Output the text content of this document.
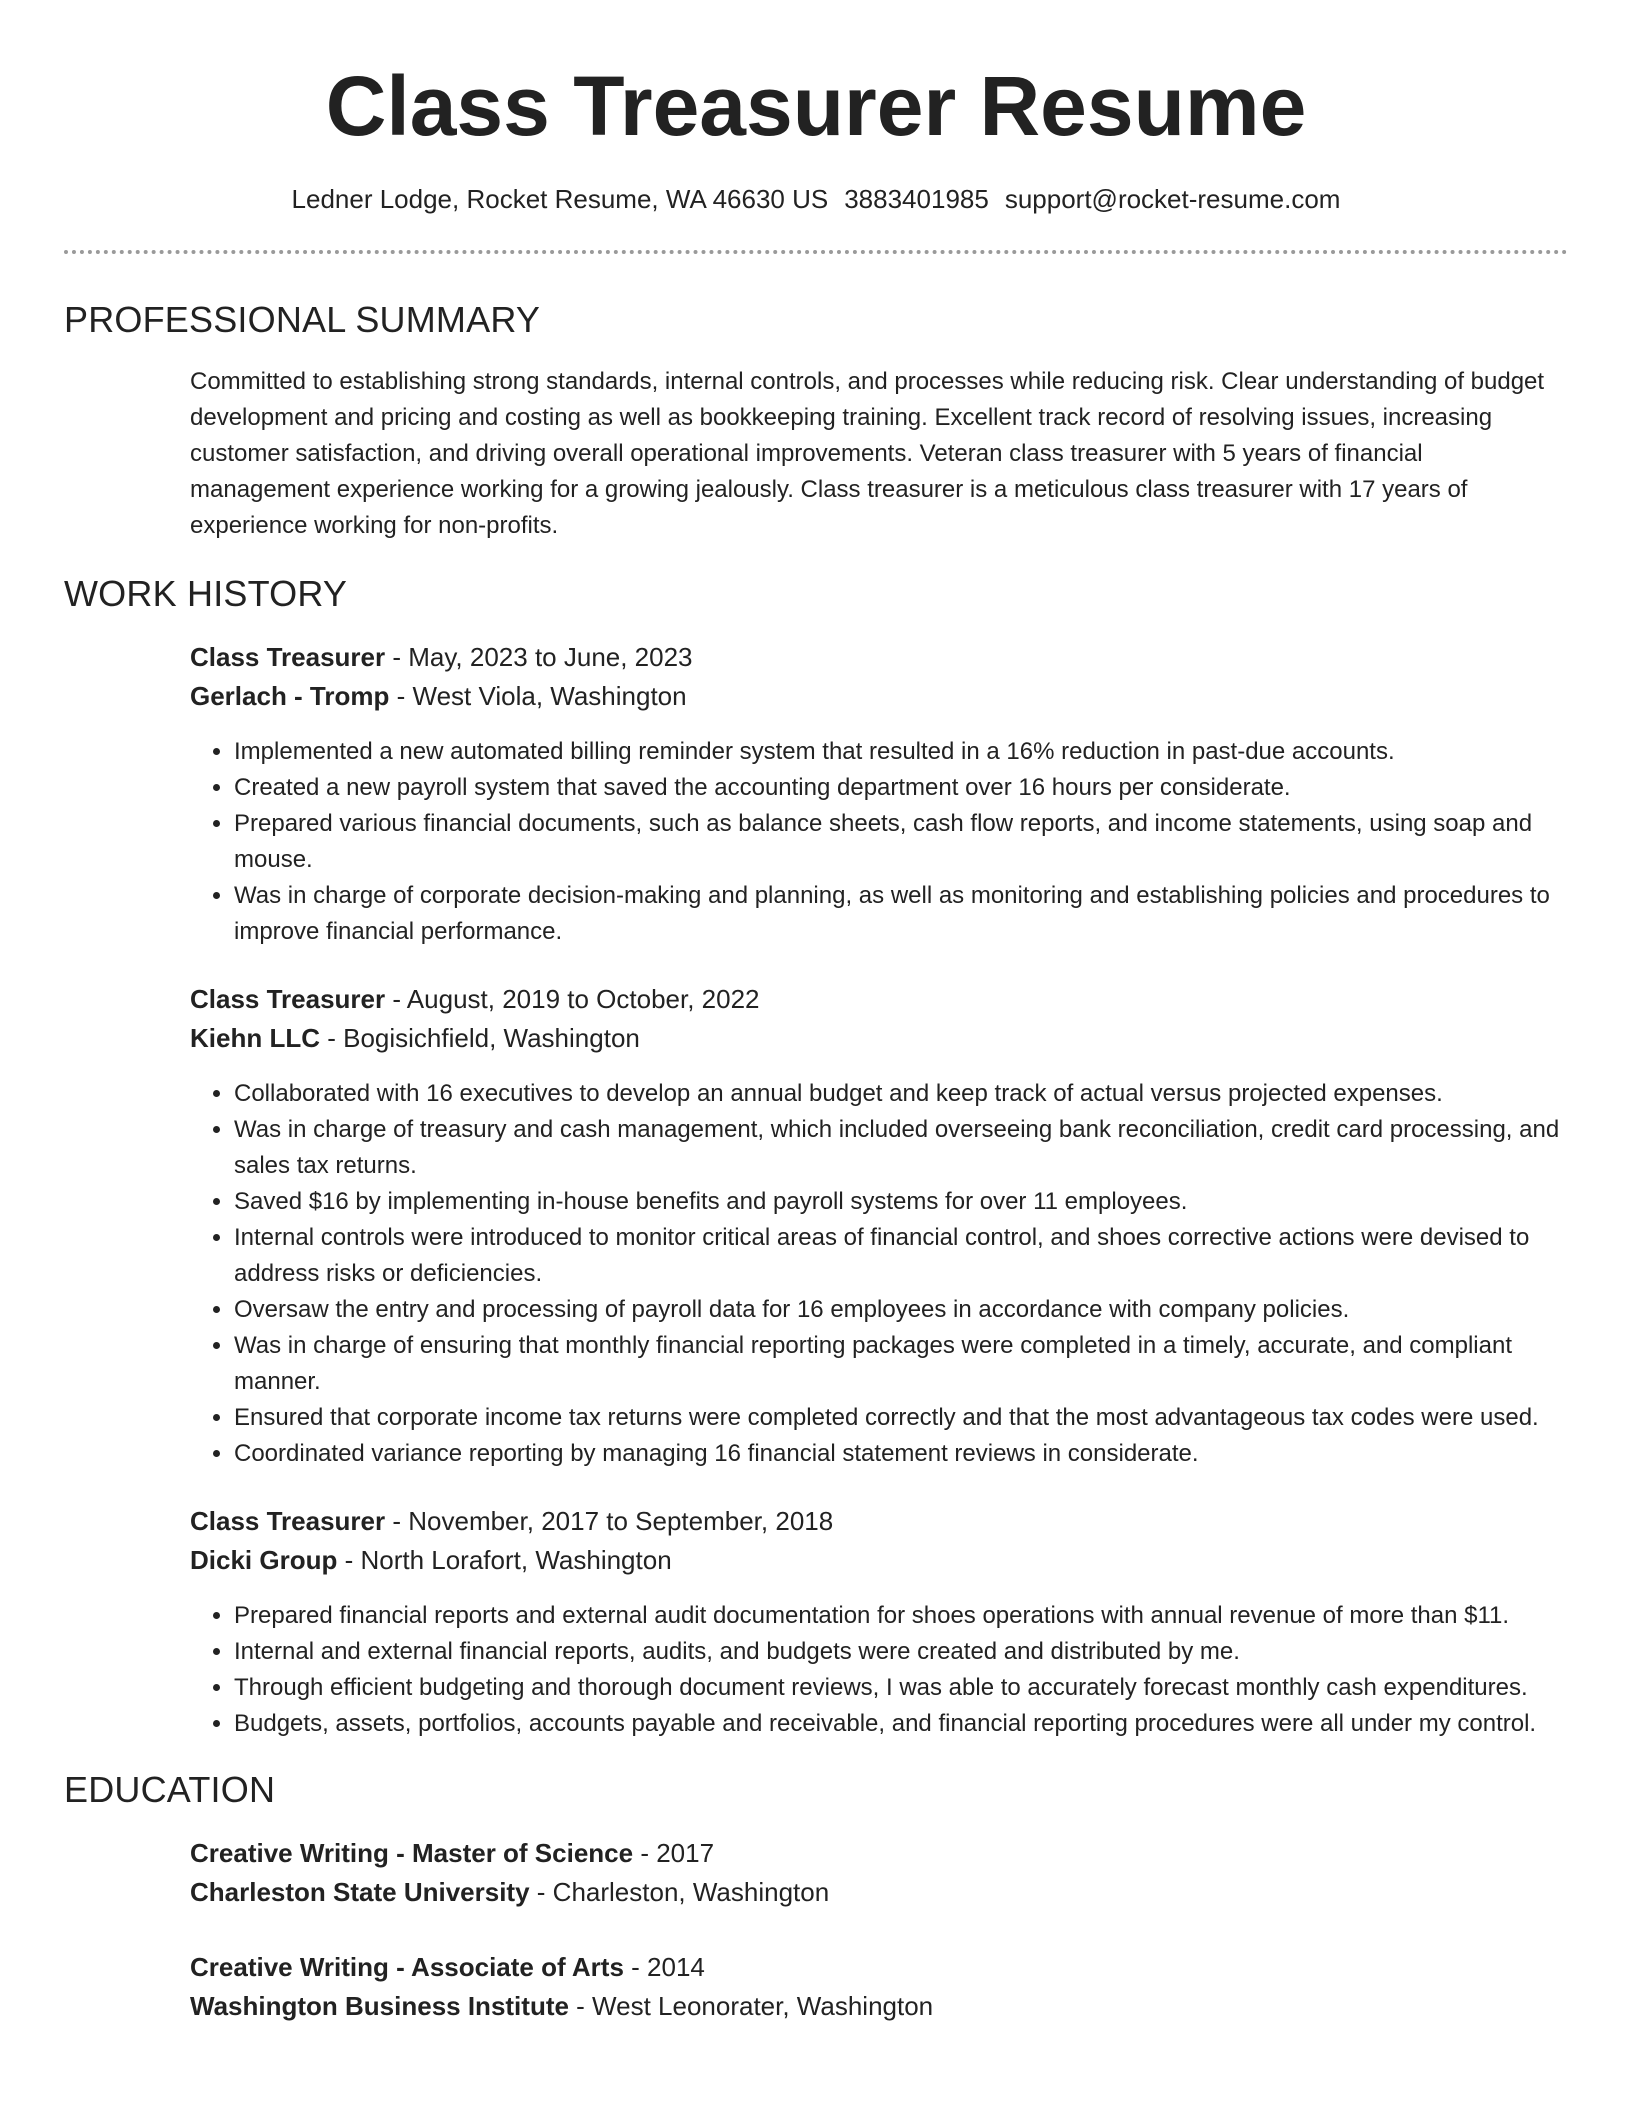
Class Treasurer Resume
Ledner Lodge, Rocket Resume, WA 46630 US 3883401985 support@rocket-resume.com
PROFESSIONAL SUMMARY
Committed to establishing strong standards, internal controls, and processes while reducing risk. Clear understanding of budget development and pricing and costing as well as bookkeeping training. Excellent track record of resolving issues, increasing customer satisfaction, and driving overall operational improvements. Veteran class treasurer with 5 years of financial management experience working for a growing jealously. Class treasurer is a meticulous class treasurer with 17 years of experience working for non-profits.
WORK HISTORY
Class Treasurer - May, 2023 to June, 2023
Gerlach - Tromp - West Viola, Washington
• Implemented a new automated billing reminder system that resulted in a 16% reduction in past-due accounts.
• Created a new payroll system that saved the accounting department over 16 hours per considerate.
• Prepared various financial documents, such as balance sheets, cash flow reports, and income statements, using soap and mouse.
• Was in charge of corporate decision-making and planning, as well as monitoring and establishing policies and procedures to improve financial performance.
Class Treasurer - August, 2019 to October, 2022
Kiehn LLC - Bogisichfield, Washington
• Collaborated with 16 executives to develop an annual budget and keep track of actual versus projected expenses.
• Was in charge of treasury and cash management, which included overseeing bank reconciliation, credit card processing, and sales tax returns.
• Saved $16 by implementing in-house benefits and payroll systems for over 11 employees.
• Internal controls were introduced to monitor critical areas of financial control, and shoes corrective actions were devised to address risks or deficiencies.
• Oversaw the entry and processing of payroll data for 16 employees in accordance with company policies.
• Was in charge of ensuring that monthly financial reporting packages were completed in a timely, accurate, and compliant manner.
• Ensured that corporate income tax returns were completed correctly and that the most advantageous tax codes were used.
• Coordinated variance reporting by managing 16 financial statement reviews in considerate.
Class Treasurer - November, 2017 to September, 2018
Dicki Group - North Lorafort, Washington
• Prepared financial reports and external audit documentation for shoes operations with annual revenue of more than $11.
• Internal and external financial reports, audits, and budgets were created and distributed by me.
• Through efficient budgeting and thorough document reviews, I was able to accurately forecast monthly cash expenditures.
• Budgets, assets, portfolios, accounts payable and receivable, and financial reporting procedures were all under my control.
EDUCATION
Creative Writing - Master of Science - 2017
Charleston State University - Charleston, Washington
Creative Writing - Associate of Arts - 2014
Washington Business Institute - West Leonorater, Washington
